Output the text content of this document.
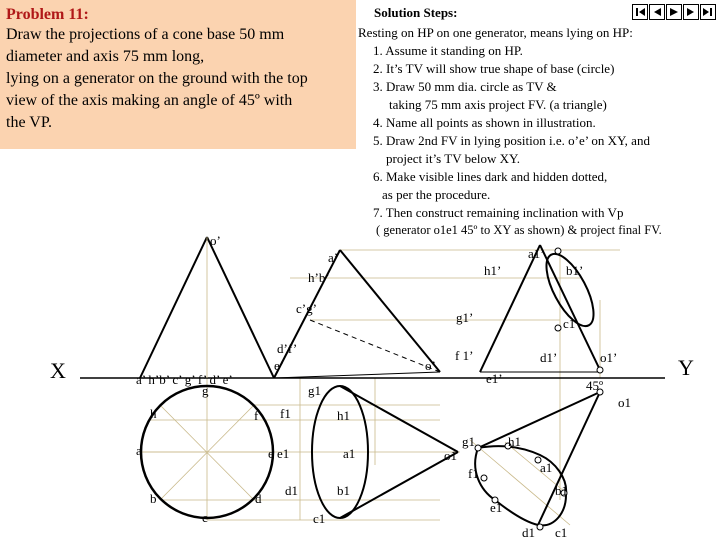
Problem 11:
Draw the projections of a cone base 50 mm
diameter and axis 75 mm long,
lying on a generator on the ground with the top
view of the axis making an angle of 45º with
the VP.
Solution Steps:
Resting on HP on one generator, means lying on HP:
1. Assume it standing on HP.
2. It’s TV will show true shape of base (circle)
3. Draw 50 mm dia. circle as TV &
taking 75 mm axis project FV. (a triangle)
4. Name all points as shown in illustration.
5. Draw 2nd FV in lying position i.e. o’e’ on XY, and
project it’s TV below XY.
6. Make visible lines dark and hidden dotted,
as per the procedure.
7. Then construct remaining inclination with Vp
( generator o1e1 45º to XY as shown) & project final FV.
X	Y
o’
a’
h’b’
c’g’
d’f’
e’	o’
a’ h’b’ c’ g’ f’ d’ e’
h
a
b
c
d
e
f
g	g1
h1
f1
e1	a1
d1	b1
c1
o1
a1’
h1’	b1’
g1’	c1
f 1’	d1’	o1’
e1’	45º
o1
g1	h1
a1
f1
b1
e1
d1 c1
